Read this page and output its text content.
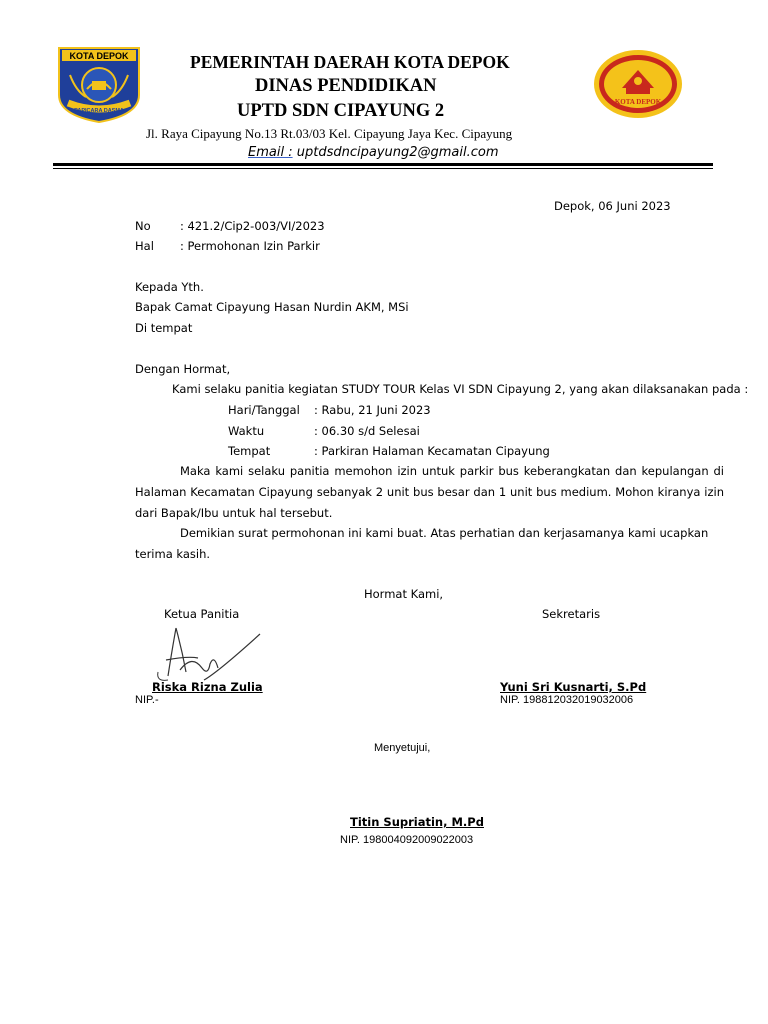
KOTA DEPOK
PAPICARA DASMA
KOTA DEPOK
PEMERINTAH DAERAH KOTA DEPOK
DINAS PENDIDIKAN
UPTD SDN CIPAYUNG 2
Jl. Raya Cipayung No.13 Rt.03/03 Kel. Cipayung Jaya Kec. Cipayung
Email : uptdsdncipayung2@gmail.com
Depok, 06 Juni 2023
No	: 421.2/Cip2-003/VI/2023
Hal : Permohonan Izin Parkir
Kepada Yth.
Bapak Camat Cipayung Hasan Nurdin AKM, MSi
Di tempat
Dengan Hormat,
Kami selaku panitia kegiatan STUDY TOUR Kelas VI SDN Cipayung 2, yang akan dilaksanakan pada :
Hari/Tanggal : Rabu, 21 Juni 2023
Waktu	: 06.30 s/d Selesai
Tempat	: Parkiran Halaman Kecamatan Cipayung
Maka kami selaku panitia memohon izin untuk parkir bus keberangkatan dan kepulangan di
Halaman Kecamatan Cipayung sebanyak 2 unit bus besar dan 1 unit bus medium. Mohon kiranya izin
dari Bapak/Ibu untuk hal tersebut.
Demikian surat permohonan ini kami buat. Atas perhatian dan kerjasamanya kami ucapkan
terima kasih.
Hormat Kami,
Ketua Panitia	Sekretaris
Riska Rizna Zulia	Yuni Sri Kusnarti, S.Pd
NIP.-	NIP. 198812032019032006
Menyetujui,
Titin Supriatin, M.Pd
NIP. 198004092009022003
